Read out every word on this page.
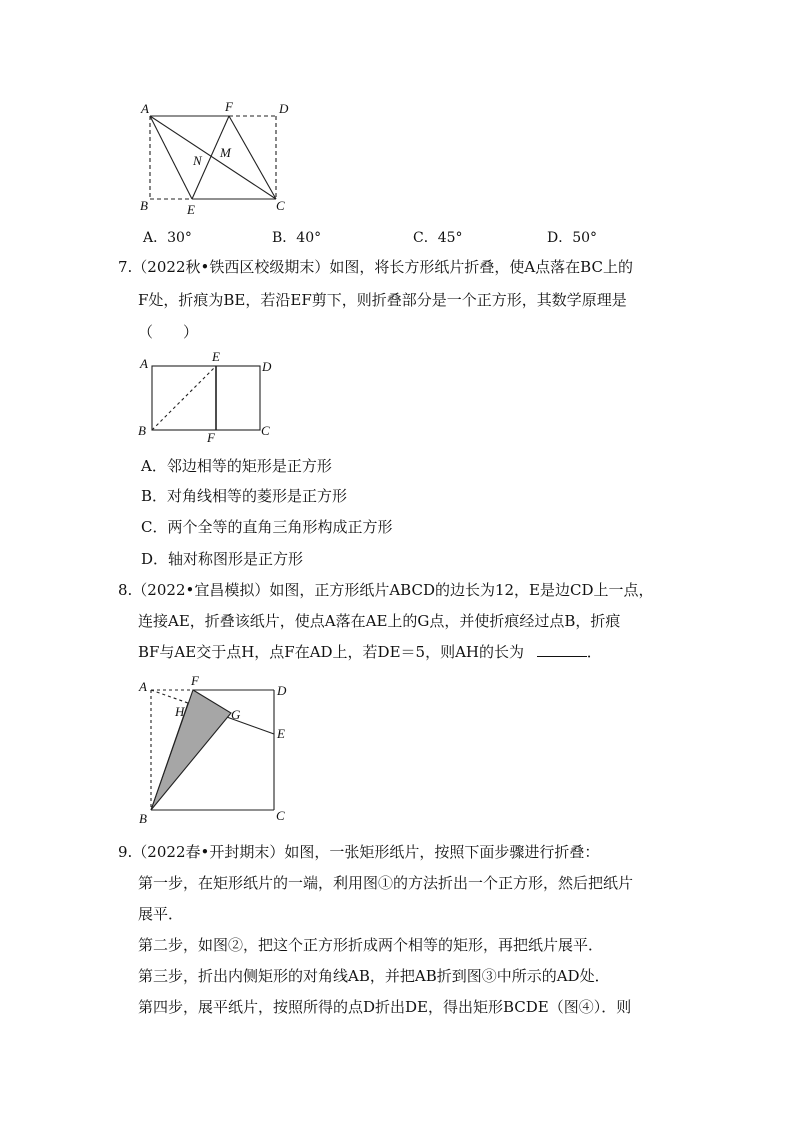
A	F	D
N
M
B	E	C
A．30°	B．40°	C．45°	D．50°
7.（2022秋•铁西区校级期末）如图，将长方形纸片折叠，使A点落在BC上的
F处，折痕为BE，若沿EF剪下，则折叠部分是一个正方形，其数学原理是
（　　）
A	E
D
B	F	C
A．邻边相等的矩形是正方形
B．对角线相等的菱形是正方形
C．两个全等的直角三角形构成正方形
D．轴对称图形是正方形
8.（2022•宜昌模拟）如图，正方形纸片ABCD的边长为12，E是边CD上一点，
连接AE，折叠该纸片，使点A落在AE上的G点，并使折痕经过点B，折痕
BF与AE交于点H，点F在AD上，若DE＝5，则AH的长为	．
A	F
D
H	G
E
B	C
9.（2022春•开封期末）如图，一张矩形纸片，按照下面步骤进行折叠：
第一步，在矩形纸片的一端，利用图①的方法折出一个正方形，然后把纸片
展平．
第二步，如图②，把这个正方形折成两个相等的矩形，再把纸片展平．
第三步，折出内侧矩形的对角线AB，并把AB折到图③中所示的AD处．
第四步，展平纸片，按照所得的点D折出DE，得出矩形BCDE（图④）．则
